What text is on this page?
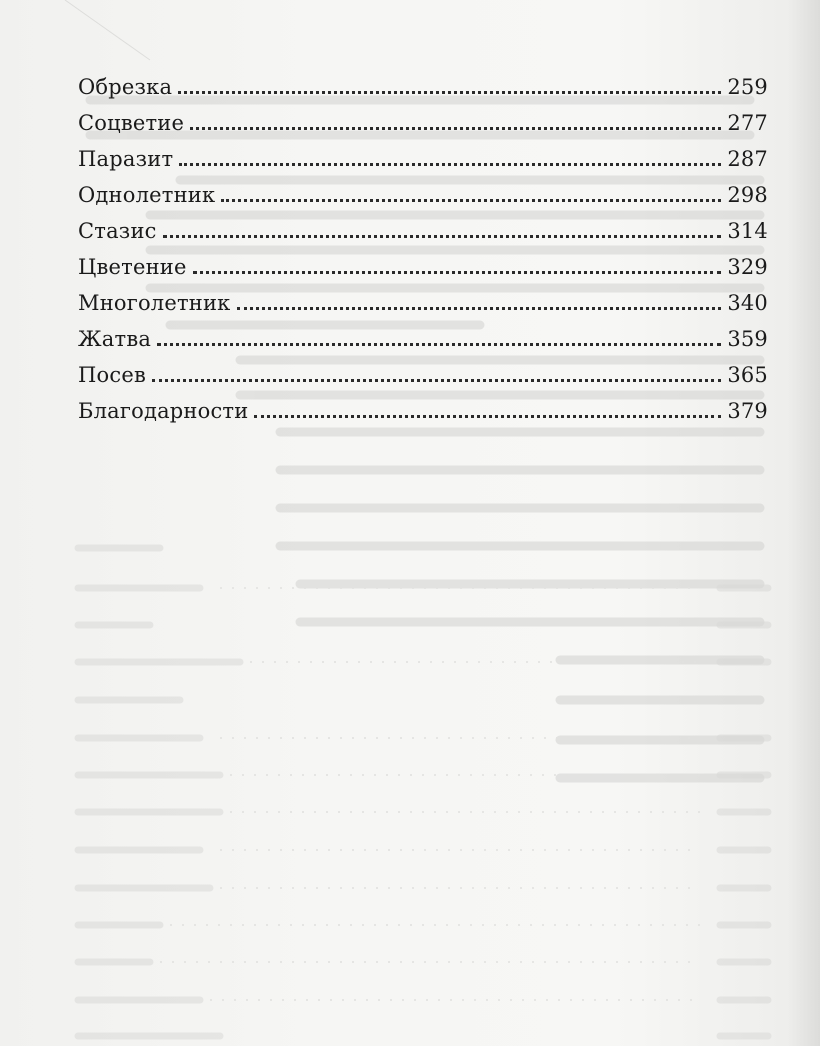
Обрезка	259
Соцветие	277
Паразит	287
Однолетник	298
Стазис	314
Цветение	329
Многолетник	340
Жатва	359
Посев	365
Благодарности	379
